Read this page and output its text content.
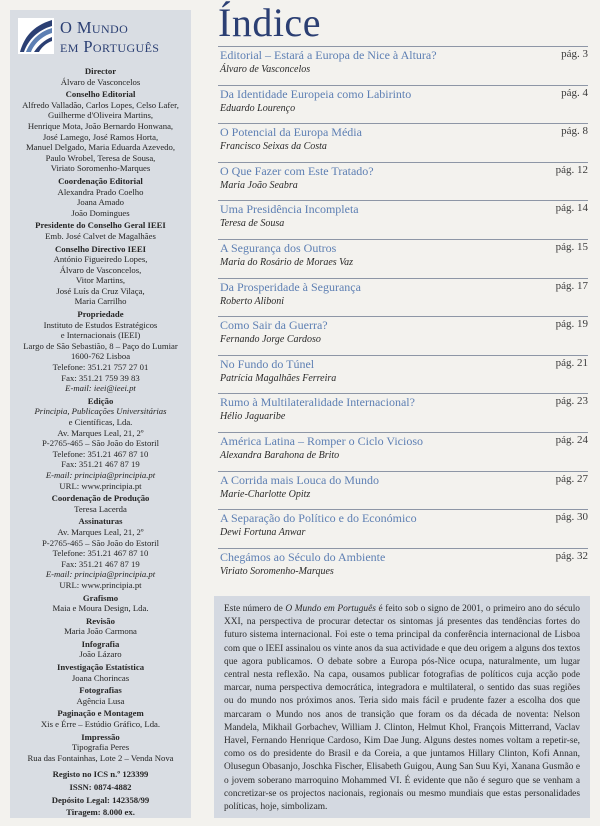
O Mundo
em Português
Director
Álvaro de Vasconcelos
Conselho Editorial
Alfredo Valladão, Carlos Lopes, Celso Lafer,
Guilherme d'Oliveira Martins,
Henrique Mota, João Bernardo Honwana,
José Lamego, José Ramos Horta,
Manuel Delgado, Maria Eduarda Azevedo,
Paulo Wrobel, Teresa de Sousa,
Viriato Soromenho-Marques
Coordenação Editorial
Alexandra Prado Coelho
Joana Amado
João Domingues
Presidente do Conselho Geral IEEI
Emb. José Calvet de Magalhães
Conselho Directivo IEEI
António Figueiredo Lopes,
Álvaro de Vasconcelos,
Vitor Martins,
José Luís da Cruz Vilaça,
Maria Carrilho
Propriedade
Instituto de Estudos Estratégicos
e Internacionais (IEEI)
Largo de São Sebastião, 8 – Paço do Lumiar
1600-762 Lisboa
Telefone: 351.21 757 27 01
Fax: 351.21 759 39 83
E-mail: ieei@ieei.pt
Edição
Principia, Publicações Universitárias
e Científicas, Lda.
Av. Marques Leal, 21, 2º
P-2765-465 – São João do Estoril
Telefone: 351.21 467 87 10
Fax: 351.21 467 87 19
E-mail: principia@principia.pt
URL: www.principia.pt
Coordenação de Produção
Teresa Lacerda
Assinaturas
Av. Marques Leal, 21, 2º
P-2765-465 – São João do Estoril
Telefone: 351.21 467 87 10
Fax: 351.21 467 87 19
E-mail: principia@principia.pt
URL: www.principia.pt
Grafismo
Maia e Moura Design, Lda.
Revisão
Maria João Carmona
Infografia
João Lázaro
Investigação Estatística
Joana Chorincas
Fotografias
Agência Lusa
Paginação e Montagem
Xis e Érre – Estúdio Gráfico, Lda.
Impressão
Tipografia Peres
Rua das Fontainhas, Lote 2 – Venda Nova
Registo no ICS n.º 123399
ISSN: 0874-4882
Depósito Legal: 142358/99
Tiragem: 8.000 ex.
Índice
Editorial – Estará a Europa de Nice à Altura?	pág. 3
Álvaro de Vasconcelos
Da Identidade Europeia como Labirinto	pág. 4
Eduardo Lourenço
O Potencial da Europa Média	pág. 8
Francisco Seixas da Costa
O Que Fazer com Este Tratado?	pág. 12
Maria João Seabra
Uma Presidência Incompleta	pág. 14
Teresa de Sousa
A Segurança dos Outros	pág. 15
Maria do Rosário de Moraes Vaz
Da Prosperidade à Segurança	pág. 17
Roberto Aliboni
Como Sair da Guerra?	pág. 19
Fernando Jorge Cardoso
No Fundo do Túnel	pág. 21
Patrícia Magalhães Ferreira
Rumo à Multilateralidade Internacional?	pág. 23
Hélio Jaguaribe
América Latina – Romper o Ciclo Vicioso	pág. 24
Alexandra Barahona de Brito
A Corrida mais Louca do Mundo	pág. 27
Marie-Charlotte Opitz
A Separação do Político e do Económico	pág. 30
Dewi Fortuna Anwar
Chegámos ao Século do Ambiente	pág. 32
Viriato Soromenho-Marques
Este número de O Mundo em Português é feito sob o signo de 2001, o primeiro ano do século XXI, na perspectiva de procurar detectar os sintomas já presentes das tendências fortes do futuro sistema internacional. Foi este o tema principal da conferência internacional de Lisboa com que o IEEI assinalou os vinte anos da sua actividade e que deu origem a alguns dos textos que agora publicamos. O debate sobre a Europa pós-Nice ocupa, naturalmente, um lugar central nesta reflexão. Na capa, ousamos publicar fotografias de políticos cuja acção pode marcar, numa perspectiva democrática, integradora e multilateral, o sentido das suas regiões ou do mundo nos próximos anos. Teria sido mais fácil e prudente fazer a escolha dos que marcaram o Mundo nos anos de transição que foram os da década de noventa: Nelson Mandela, Mikhail Gorbachev, William J. Clinton, Helmut Khol, François Mitterrand, Vaclav Havel, Fernando Henrique Cardoso, Kim Dae Jung. Alguns destes nomes voltam a repetir-se, como os do presidente do Brasil e da Coreia, a que juntamos Hillary Clinton, Kofi Annan, Olusegun Obasanjo, Joschka Fischer, Elisabeth Guigou, Aung San Suu Kyi, Xanana Gusmão e o jovem soberano marroquino Mohammed VI. É evidente que não é seguro que se venham a concretizar-se os projectos nacionais, regionais ou mesmo mundiais que estas personalidades políticas, hoje, simbolizam.
